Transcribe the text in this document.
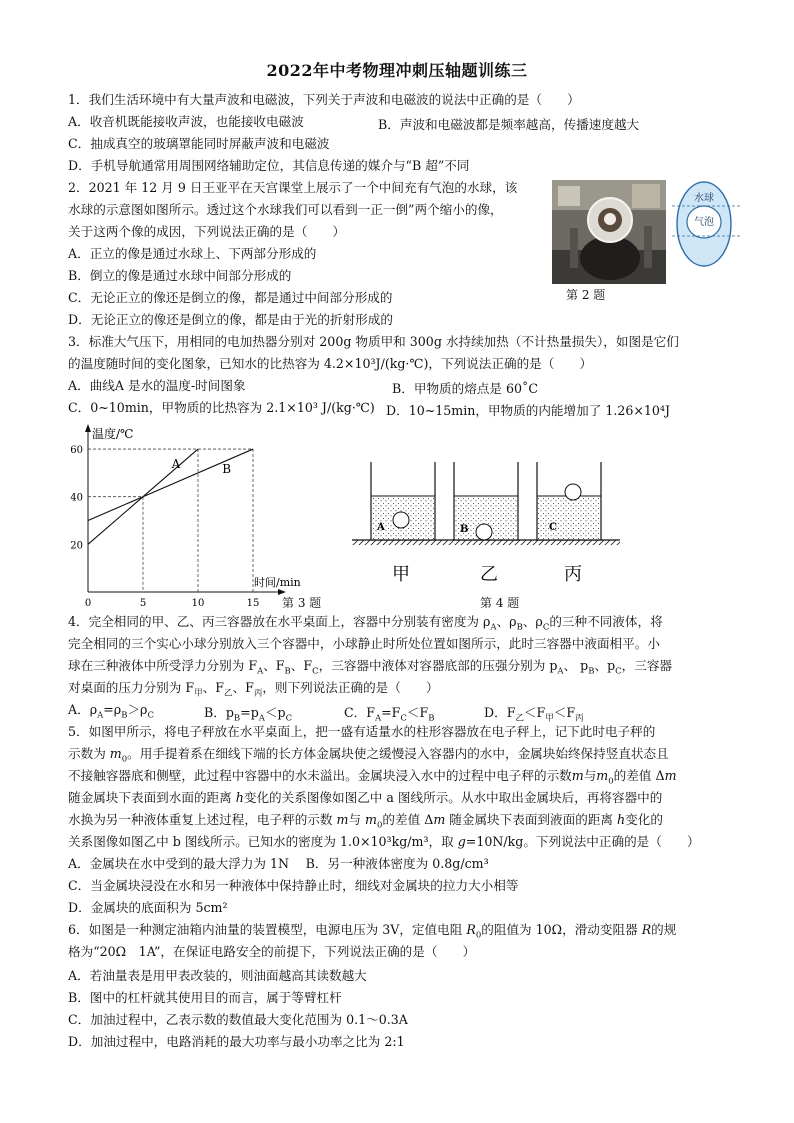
2022年中考物理冲刺压轴题训练三
1．我们生活环境中有大量声波和电磁波，下列关于声波和电磁波的说法中正确的是（　　）
A．收音机既能接收声波，也能接收电磁波	B．声波和电磁波都是频率越高，传播速度越大
C．抽成真空的玻璃罩能同时屏蔽声波和电磁波
D．手机导航通常用周围网络辅助定位，其信息传递的媒介与“B 超”不同
2．2021 年 12 月 9 日王亚平在天宫课堂上展示了一个中间充有气泡的水球，该
水球的示意图如图所示。透过这个水球我们可以看到一正一倒”两个缩小的像，
关于这两个像的成因，下列说法正确的是（　　）
A．正立的像是通过水球上、下两部分形成的
B．倒立的像是通过水球中间部分形成的
C．无论正立的像还是倒立的像，都是通过中间部分形成的
D．无论正立的像还是倒立的像，都是由于光的折射形成的
水球
气泡
第 2 题
3．标准大气压下，用相同的电加热器分别对 200g 物质甲和 300g 水持续加热（不计热量损失），如图是它们
的温度随时间的变化图象，已知水的比热容为 4.2×10³J/(kg·℃)，下列说法正确的是（　　）
A．曲线A 是水的温度-时间图象	B．甲物质的熔点是 60˚C
C．0~10min，甲物质的比热容为 2.1×10³ J/(kg·℃) D．10~15min，甲物质的内能增加了 1.26×10⁴J
0	5	10	15
20
40
60
温度/℃
时间/min
A	B
第 3 题
A	B	C
甲	乙	丙
第 4 题
4．完全相同的甲、乙、丙三容器放在水平桌面上，容器中分别装有密度为 $\rho_A$、$\rho_B$、$\rho_C$的三种不同液体，将
完全相同的三个实心小球分别放入三个容器中，小球静止时所处位置如图所示，此时三容器中液面相平。小
球在三种液体中所受浮力分别为 $F_A$、$F_B$、$F_C$，三容器中液体对容器底部的压强分别为 $p_A$、 $p_B$、$p_C$，三容器
对桌面的压力分别为 $F_甲$、$F_乙$、$F_丙$，则下列说法正确的是（　　）
A．$\rho_A=\rho_B>\rho_C$	B．$p_B=p_A<p_C$	C．$F_A=F_C<F_B$	D．$F_乙<F_甲<F_丙$
5．如图甲所示，将电子秤放在水平桌面上，把一盛有适量水的柱形容器放在电子秤上，记下此时电子秤的
示数为 $m_0$。用手提着系在细线下端的长方体金属块使之缓慢浸入容器内的水中，金属块始终保持竖直状态且
不接触容器底和侧壁，此过程中容器中的水未溢出。金属块浸入水中的过程中电子秤的示数m与$m_0$的差值 Δm
随金属块下表面到水面的距离 h变化的关系图像如图乙中 a 图线所示。从水中取出金属块后，再将容器中的
水换为另一种液体重复上述过程，电子秤的示数 m与 $m_0$的差值 Δm 随金属块下表面到液面的距离 h变化的
关系图像如图乙中 b 图线所示。已知水的密度为 1.0×10³kg/m³，取 g=10N/kg。下列说法中正确的是（　　）
A．金属块在水中受到的最大浮力为 1N　 B．另一种液体密度为 0.8g/cm³
C．当金属块浸没在水和另一种液体中保持静止时，细线对金属块的拉力大小相等
D．金属块的底面积为 5cm²
6．如图是一种测定油箱内油量的装置模型，电源电压为 3V，定值电阻 $R_0$的阻值为 10Ω，滑动变阻器 R的规
格为“20Ω　1A”，在保证电路安全的前提下，下列说法正确的是（　　）
A．若油量表是用甲表改装的，则油面越高其读数越大
B．图中的杠杆就其使用目的而言，属于等臂杠杆
C．加油过程中，乙表示数的数值最大变化范围为 0.1～0.3A
D．加油过程中，电路消耗的最大功率与最小功率之比为 2:1
